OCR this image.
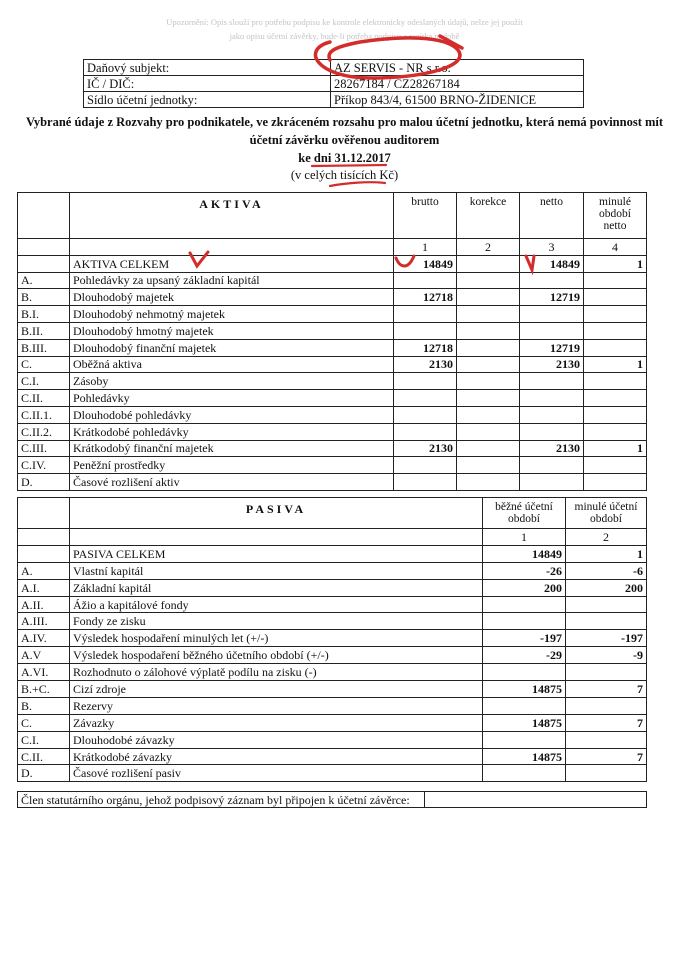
Upozornění: Opis slouží pro potřebu podpisu ke kontrole elektronicky odeslaných údajů, nelze jej použít
jako opisu účetní závěrky, bude-li potřeba podpisu a razítka podobě
Daňový subjekt:	AZ SERVIS - NR s.r.o.
IČ / DIČ:	28267184 / CZ28267184
Sídlo účetní jednotky:	Příkop 843/4, 61500 BRNO-ŽIDENICE
Vybrané údaje z Rozvahy pro podnikatele, ve zkráceném rozsahu pro malou účetní jednotku, která nemá povinnost mít
účetní závěrku ověřenou auditorem
ke dni 31.12.2017
(v celých tisících Kč)
	AKTIVA	brutto	korekce	netto	minulé období netto
		1	2	3	4
	AKTIVA CELKEM	14849		14849	1
A.	Pohledávky za upsaný základní kapitál				
B.	Dlouhodobý majetek	12718		12719	
B.I.	Dlouhodobý nehmotný majetek				
B.II.	Dlouhodobý hmotný majetek				
B.III.	Dlouhodobý finanční majetek	12718		12719	
C.	Oběžná aktiva	2130		2130	1
C.I.	Zásoby				
C.II.	Pohledávky				
C.II.1.	Dlouhodobé pohledávky				
C.II.2.	Krátkodobé pohledávky				
C.III.	Krátkodobý finanční majetek	2130		2130	1
C.IV.	Peněžní prostředky				
D.	Časové rozlišení aktiv				
	PASIVA	běžné účetní období	minulé účetní období
		1	2
	PASIVA CELKEM	14849	1
A.	Vlastní kapitál	-26	-6
A.I.	Základní kapitál	200	200
A.II.	Ážio a kapitálové fondy		
A.III.	Fondy ze zisku		
A.IV.	Výsledek hospodaření minulých let (+/-)	-197	-197
A.V	Výsledek hospodaření běžného účetního období (+/-)	-29	-9
A.VI.	Rozhodnuto o zálohové výplatě podílu na zisku (-)		
B.+C.	Cizí zdroje	14875	7
B.	Rezervy		
C.	Závazky	14875	7
C.I.	Dlouhodobé závazky		
C.II.	Krátkodobé závazky	14875	7
D.	Časové rozlišení pasiv		
Člen statutárního orgánu, jehož podpisový záznam byl připojen k účetní závěrce:	
